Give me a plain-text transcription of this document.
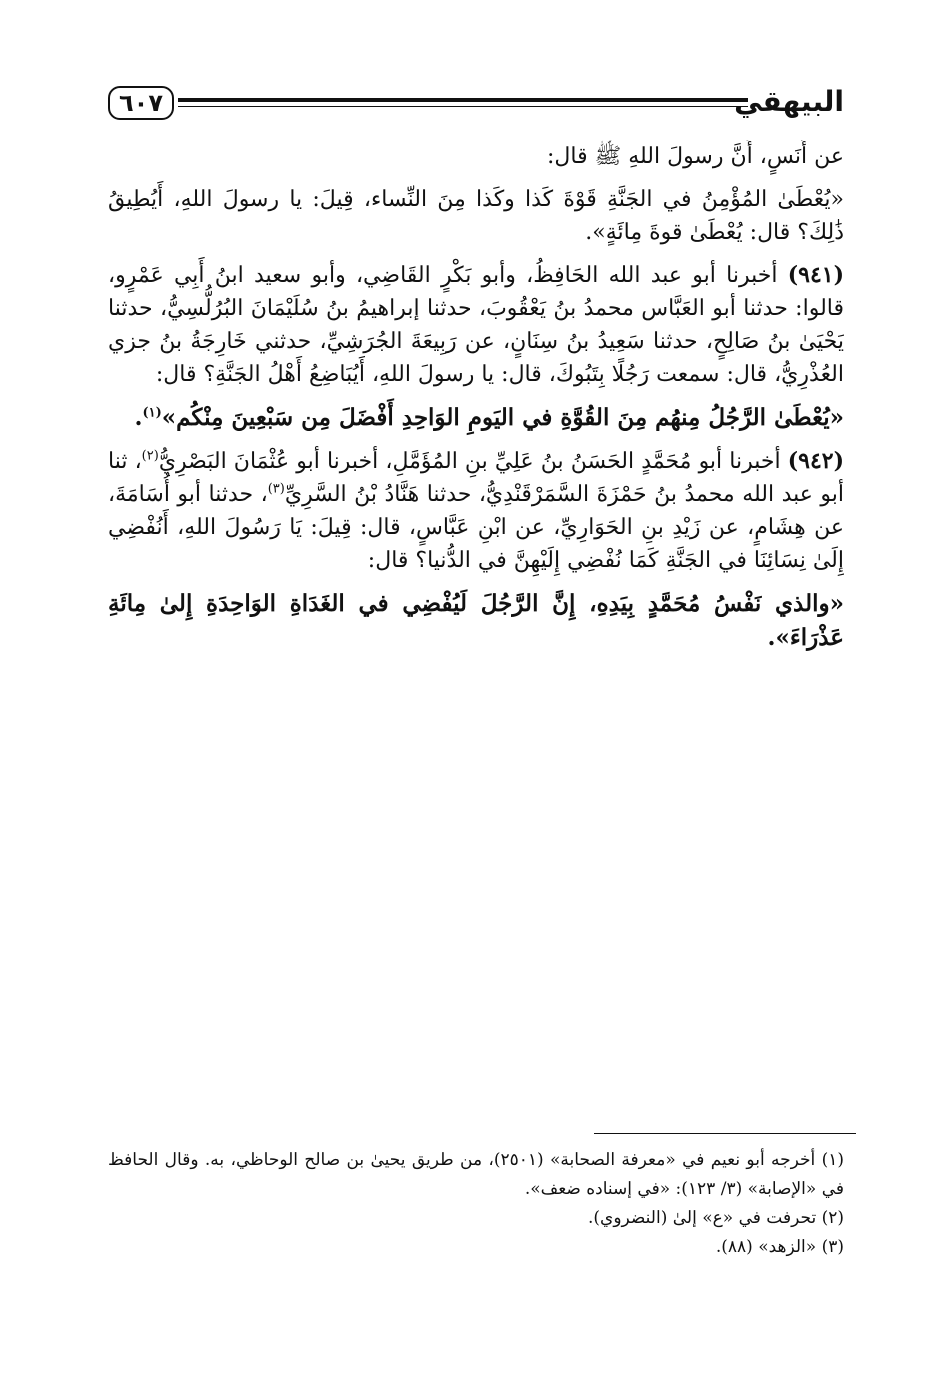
٦٠٧	البيهقي

عن أَنَسٍ، أَنَّ رسولَ اللهِ ﷺ قال:

«يُعْطَىٰ المُؤْمِنُ في الجَنَّةِ قَوْةَ كَذا وكَذا مِنَ النِّساء، قِيلَ: يا رسولَ اللهِ، أَيُطِيقُ ذَٰلِكَ؟ قال: يُعْطَىٰ قوةَ مِائَةٍ».

(٩٤١) أخبرنا أبو عبد الله الحَافِظُ، وأبو بَكْرٍ القَاضِي، وأبو سعيد ابنُ أَبِي عَمْرٍو، قالوا: حدثنا أبو العَبَّاس محمدُ بنُ يَعْقُوبَ، حدثنا إبراهيمُ بنُ سُلَيْمَانَ البُرُلُّسِيُّ، حدثنا يَحْيَىٰ بنُ صَالِحٍ، حدثنا سَعِيدُ بنُ سِنَانٍ، عن رَبِيعَةَ الجُرَشِيِّ، حدثني خَارِجَةُ بنُ جزي العُذْرِيُّ، قال: سمعت رَجُلًا بِتَبُوكَ، قال: يا رسولَ اللهِ، أَيُبَاضِعُ أَهْلُ الجَنَّةِ؟ قال:

«يُعْطَىٰ الرَّجُلُ مِنهُم مِنَ القُوَّةِ في اليَومِ الوَاحِدِ أَفْضَلَ مِن سَبْعِينَ مِنْكُم»$^{(١)}$.

(٩٤٢) أخبرنا أبو مُحَمَّدٍ الحَسَنُ بنُ عَلِيِّ بنِ المُؤَمَّلِ، أخبرنا أبو عُثْمَانَ البَصْرِيُّ$^{(٢)}$، ثنا أبو عبد الله محمدُ بنُ حَمْزَةَ السَّمَرْقَنْدِيُّ، حدثنا هَنَّادُ بْنُ السَّرِيِّ$^{(٣)}$، حدثنا أبو أُسَامَةَ، عن هِشَامٍ، عن زَيْدِ بنِ الحَوَارِيِّ، عن ابْنِ عَبَّاسٍ، قال: قِيلَ: يَا رَسُولَ اللهِ، أَنُفْضِي إِلَىٰ نِسَائِنَا في الجَنَّةِ كَمَا نُفْضِي إِلَيْهِنَّ في الدُّنيا؟ قال:

«والذي نَفْسُ مُحَمَّدٍ بِيَدِهِ، إِنَّ الرَّجُلَ لَيُفْضِي في الغَدَاةِ الوَاحِدَةِ إِلىٰ مِائَةِ عَذْرَاءَ».

(١) أخرجه أبو نعيم في «معرفة الصحابة» (٢٥٠١)، من طريق يحيىٰ بن صالح الوحاظي، به. وقال الحافظ في «الإصابة» (٣/ ١٢٣): «في إسناده ضعف».

(٢) تحرفت في «ع» إلىٰ (النضروي).

(٣) «الزهد» (٨٨).
